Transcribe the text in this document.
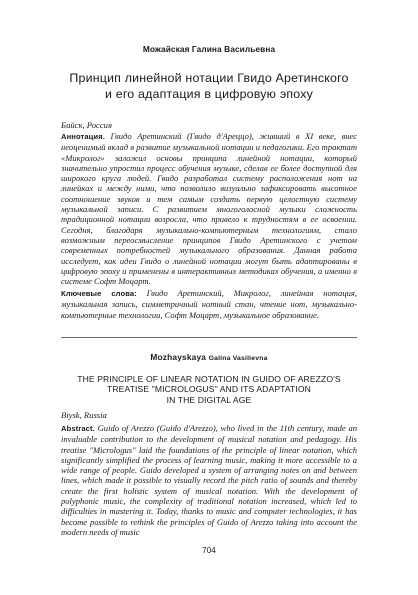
Можайская Галина Васильевна
Принцип линейной нотации Гвидо Аретинского
и его адаптация в цифровую эпоху
Бийск, Россия

Аннотация. Гвидо Аретинский (Гвидо д'Ареццо), живший в XI веке, внес неоценимый вклад в развитие музыкальной нотации и педагогики. Его трактат «Микролог» заложил основы принципа линейной нотации, который значительно упростил процесс обучения музыке, сделав ее более доступной для широкого круга людей. Гвидо разработал систему расположения нот на линейках и между ними, что позволило визуально зафиксировать высотное соотношение звуков и тем самым создать первую целостную систему музыкальной записи. С развитием многоголосной музыки сложность традиционной нотации возросла, что привело к трудностям в ее освоении. Сегодня, благодаря музыкально-компьютерным технологиям, стало возможным переосмысление принципов Гвидо Аретинского с учетом современных потребностей музыкального образования. Данная работа исследует, как идеи Гвидо о линейной нотации могут быть адаптированы в цифровую эпоху и применены в интерактивных методиках обучения, а именно в системе Софт Моцарт.

Ключевые слова: Гвидо Аретинский, Микролог, линейная нотация, музыкальная запись, симметричный нотный стан, чтение нот, музыкально-компьютерные технологии, Софт Моцарт, музыкальное образование.

Mozhayskaya Galina Vasilievna
THE PRINCIPLE OF LINEAR NOTATION IN GUIDO OF AREZZO'S
TREATISE "MICROLOGUS" AND ITS ADAPTATION
IN THE DIGITAL AGE
Biysk, Russia

Abstract. Guido of Arezzo (Guido d'Arezzo), who lived in the 11th century, made an invaluable contribution to the development of musical notation and pedagogy. His treatise "Micrologus" laid the foundations of the principle of linear notation, which significantly simplified the process of learning music, making it more accessible to a wide range of people. Guido developed a system of arranging notes on and between lines, which made it possible to visually record the pitch ratio of sounds and thereby create the first holistic system of musical notation. With the development of polyphonic music, the complexity of traditional notation increased, which led to difficulties in mastering it. Today, thanks to music and computer technologies, it has become possible to rethink the principles of Guido of Arezzo taking into account the modern needs of music

704
